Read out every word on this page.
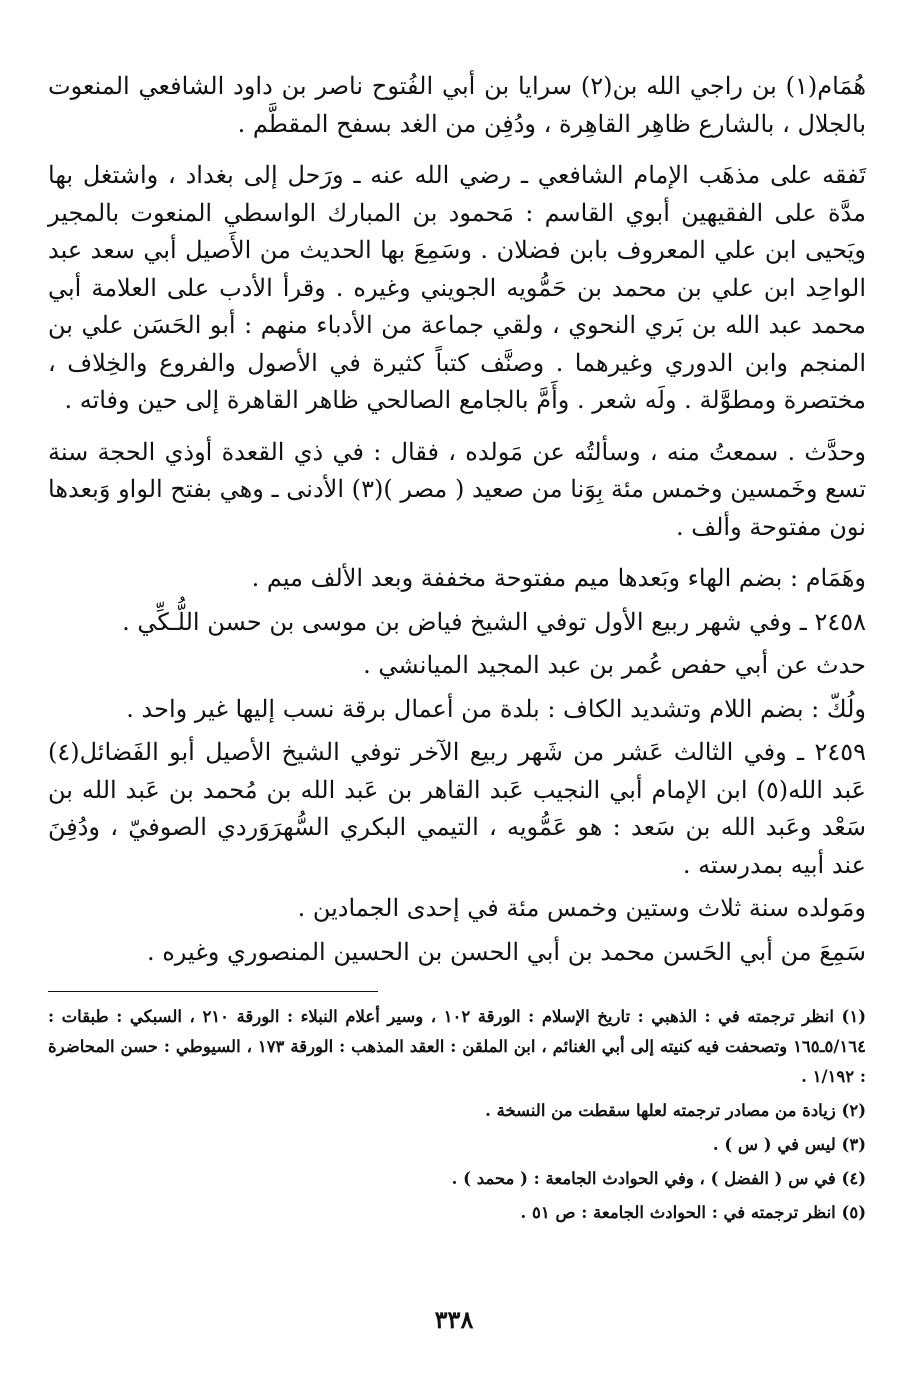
هُمَام(١) بن راجي الله بن(٢) سرايا بن أبي الفُتوح ناصر بن داود الشافعي المنعوت بالجلال ، بالشارع ظاهِر القاهِرة ، ودُفِن من الغد بسفح المقطَّم .

تَفقه على مذهَب الإمام الشافعي ـ رضي الله عنه ـ ورَحل إلى بغداد ، واشتغل بها مدَّة على الفقيهين أبوي القاسم : مَحمود بن المبارك الواسطي المنعوت بالمجير ويَحيى ابن علي المعروف بابن فضلان . وسَمِعَ بها الحديث من الأَصيل أبي سعد عبد الواحِد ابن علي بن محمد بن حَمُّويه الجويني وغيره . وقرأ الأدب على العلامة أبي محمد عبد الله بن بَري النحوي ، ولقي جماعة من الأدباء منهم : أبو الحَسَن علي بن المنجم وابن الدوري وغيرهما . وصنَّف كتباً كثيرة في الأصول والفروع والخِلاف ، مختصرة ومطوَّلة . ولَه شعر . وأَمَّ بالجامع الصالحي ظاهر القاهرة إلى حين وفاته .

وحدَّث . سمعتُ منه ، وسألتُه عن مَولده ، فقال : في ذي القعدة أوذي الحجة سنة تسع وخَمسين وخمس مئة بِوَنا من صعيد ( مصر )(٣) الأدنى ـ وهي بفتح الواو وَبعدها نون مفتوحة وألف .

وهَمَام : بضم الهاء وبَعدها ميم مفتوحة مخففة وبعد الألف ميم .

٢٤٥٨ ـ وفي شهر ربيع الأول توفي الشيخ فياض بن موسى بن حسن اللُّـكِّي .

حدث عن أبي حفص عُمر بن عبد المجيد الميانشي .

ولُكّ : بضم اللام وتشديد الكاف : بلدة من أعمال برقة نسب إليها غير واحد .

٢٤٥٩ ـ وفي الثالث عَشر من شَهر ربيع الآخر توفي الشيخ الأصيل أبو الفَضائل(٤) عَبد الله(٥) ابن الإمام أبي النجيب عَبد القاهر بن عَبد الله بن مُحمد بن عَبد الله بن سَعْد وعَبد الله بن سَعد : هو عَمُّويه ، التيمي البكري السُّهرَوَردي الصوفيّ ، ودُفِنَ عند أبيه بمدرسته .

ومَولده سنة ثلاث وستين وخمس مئة في إحدى الجمادين .

سَمِعَ من أبي الحَسن محمد بن أبي الحسن بن الحسين المنصوري وغيره .

(١) انظر ترجمته في : الذهبي : تاريخ الإسلام : الورقة ١٠٢ ، وسير أعلام النبلاء : الورقة ٢١٠ ، السبكي : طبقات : ٥/١٦٤ـ١٦٥ وتصحفت فيه كنيته إلى أبي الغنائم ، ابن الملقن : العقد المذهب : الورقة ١٧٣ ، السيوطي : حسن المحاضرة : ١/١٩٢ .

(٢) زيادة من مصادر ترجمته لعلها سقطت من النسخة .

(٣) ليس في ( س ) .

(٤) في س ( الفضل ) ، وفي الحوادث الجامعة : ( محمد ) .

(٥) انظر ترجمته في : الحوادث الجامعة : ص ٥١ .

٣٣٨
